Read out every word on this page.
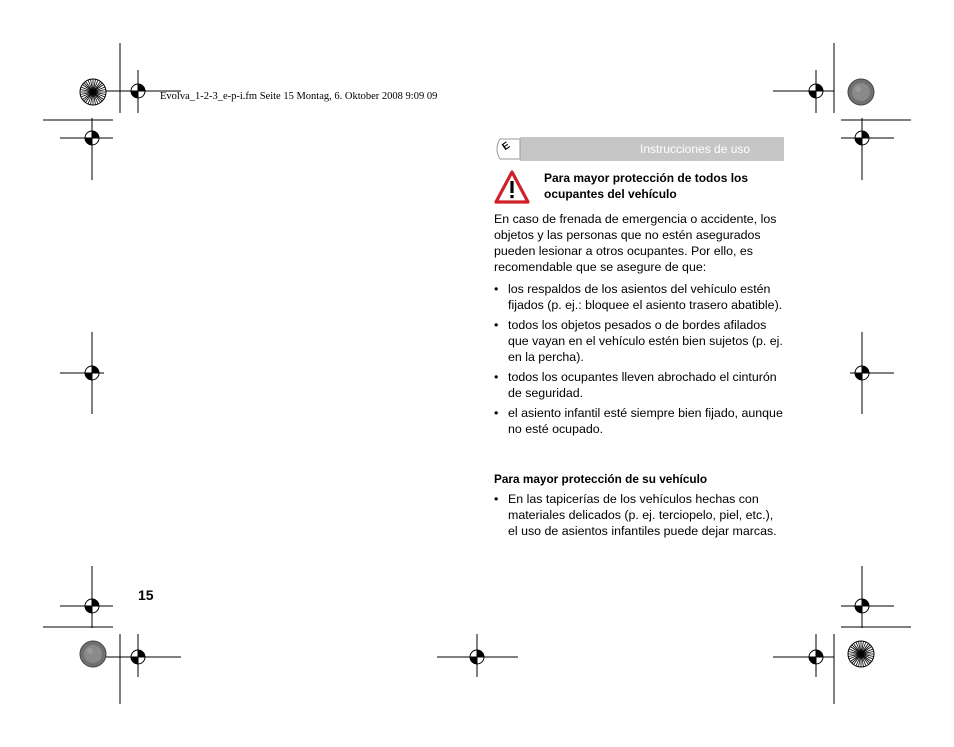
Evolva_1-2-3_e-p-i.fm Seite 15 Montag, 6. Oktober 2008 9:09 09
E	Instrucciones de uso
Para mayor protección de todos los ocupantes del vehículo
En caso de frenada de emergencia o accidente, los objetos y las personas que no estén asegurados pueden lesionar a otros ocupantes. Por ello, es recomendable que se asegure de que:
• los respaldos de los asientos del vehículo estén fijados (p. ej.: bloquee el asiento trasero abatible).
• todos los objetos pesados o de bordes afilados que vayan en el vehículo estén bien sujetos (p. ej. en la percha).
• todos los ocupantes lleven abrochado el cinturón de seguridad.
• el asiento infantil esté siempre bien fijado, aunque no esté ocupado.
Para mayor protección de su vehículo
• En las tapicerías de los vehículos hechas con materiales delicados (p. ej. terciopelo, piel, etc.), el uso de asientos infantiles puede dejar marcas.
15
